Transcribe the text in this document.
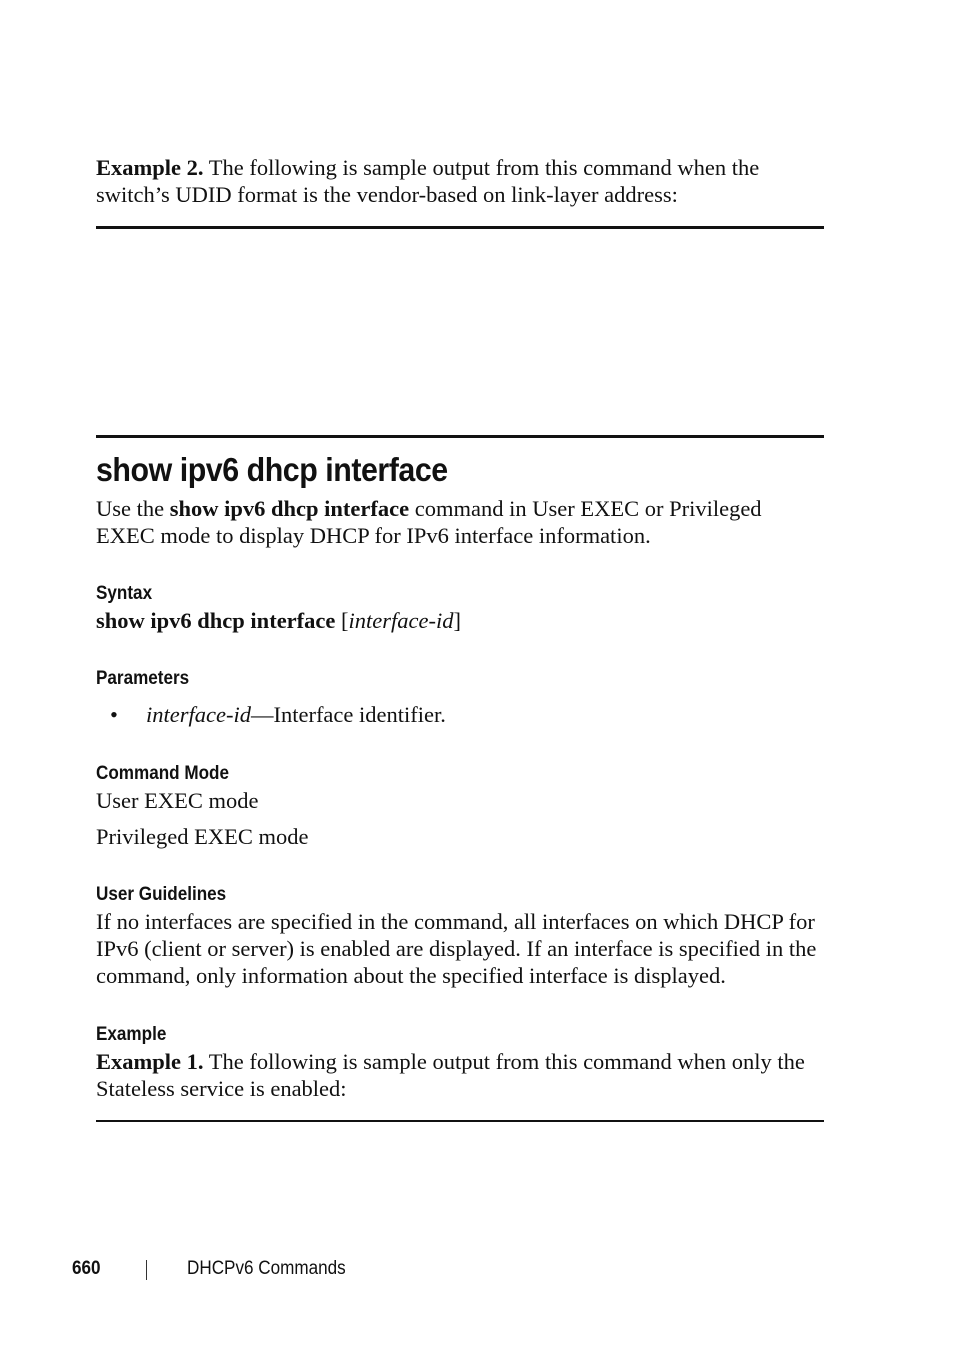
Example 2. The following is sample output from this command when the switch’s UDID format is the vendor-based on link-layer address:

show ipv6 dhcp interface

Use the show ipv6 dhcp interface command in User EXEC or Privileged EXEC mode to display DHCP for IPv6 interface information.

Syntax

show ipv6 dhcp interface [interface-id]

Parameters
• interface-id—Interface identifier.

Command Mode

User EXEC mode

Privileged EXEC mode

User Guidelines

If no interfaces are specified in the command, all interfaces on which DHCP for IPv6 (client or server) is enabled are displayed. If an interface is specified in the command, only information about the specified interface is displayed.

Example

Example 1. The following is sample output from this command when only the Stateless service is enabled:

660	DHCPv6 Commands
